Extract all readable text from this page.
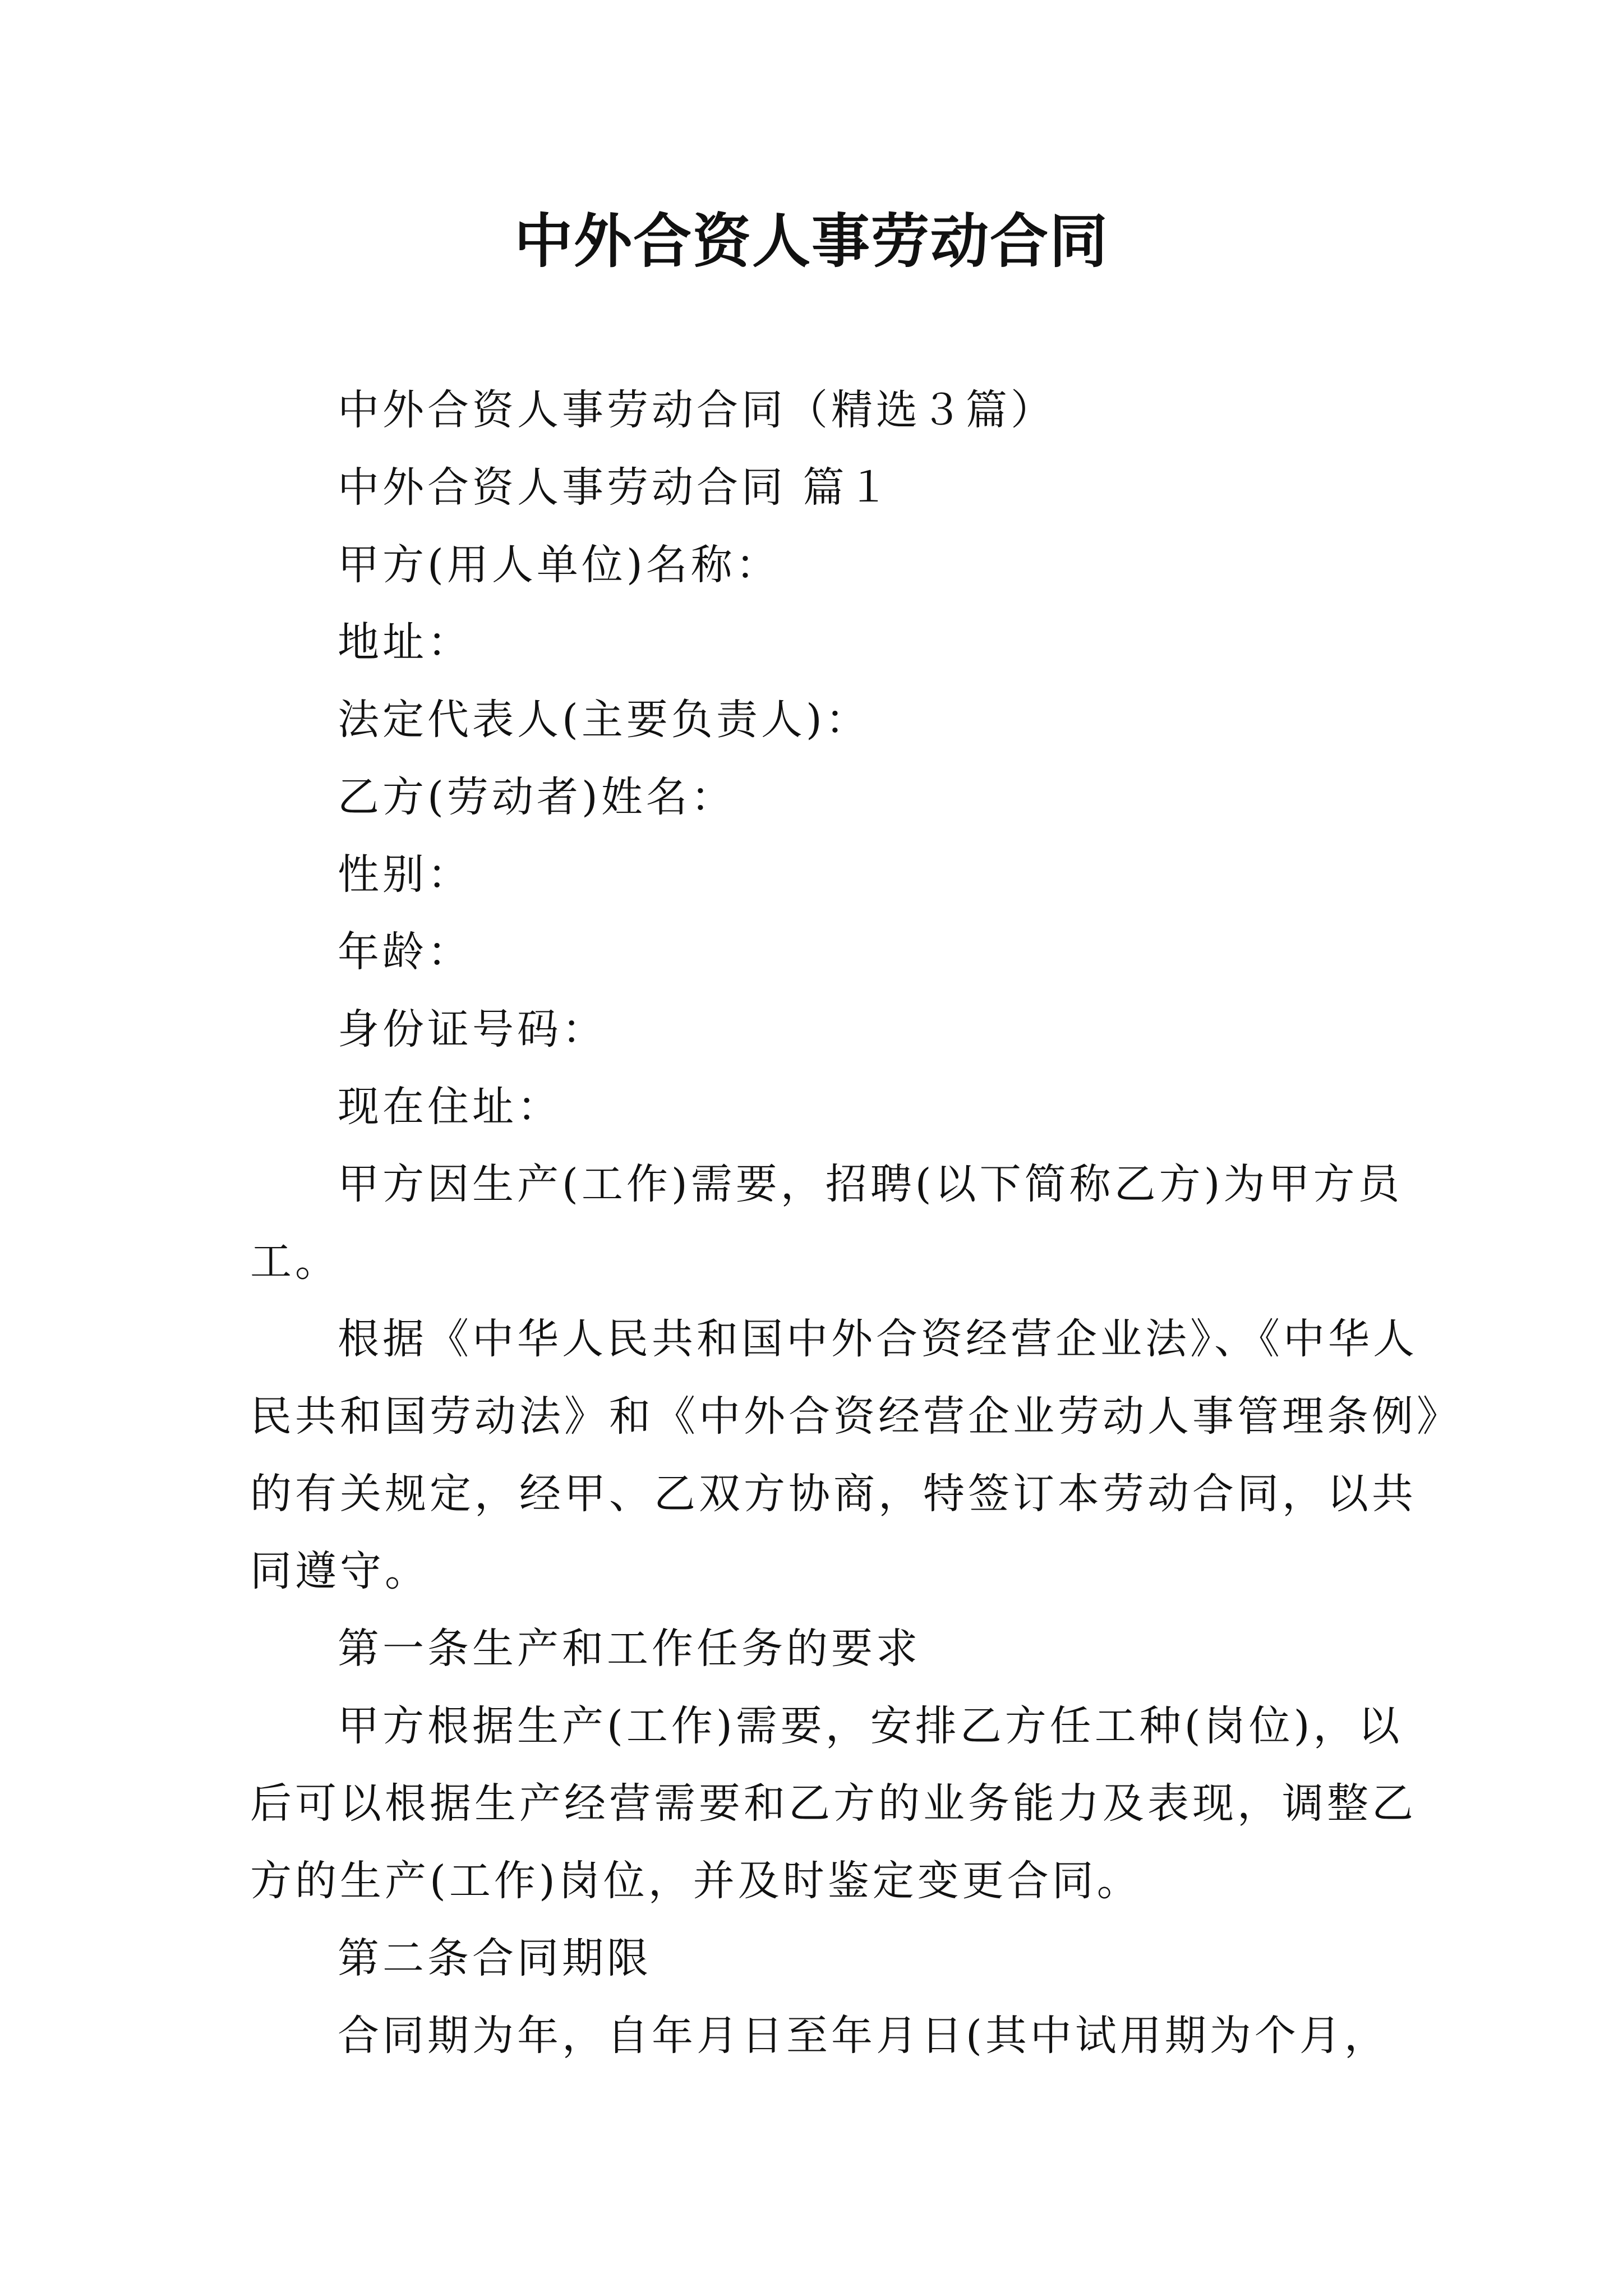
中外合资人事劳动合同
中外合资人事劳动合同（精选３篇）
中外合资人事劳动合同 篇１
甲方(用人单位)名称：
地址：
法定代表人(主要负责人)：
乙方(劳动者)姓名：
性别：
年龄：
身份证号码：
现在住址：
甲方因生产(工作)需要，招聘(以下简称乙方)为甲方员
工。
根据《中华人民共和国中外合资经营企业法》、《中华人
民共和国劳动法》和《中外合资经营企业劳动人事管理条例》
的有关规定，经甲、乙双方协商，特签订本劳动合同，以共
同遵守。
第一条生产和工作任务的要求
甲方根据生产(工作)需要，安排乙方任工种(岗位)，以
后可以根据生产经营需要和乙方的业务能力及表现，调整乙
方的生产(工作)岗位，并及时鉴定变更合同。
第二条合同期限
合同期为年，自年月日至年月日(其中试用期为个月，
